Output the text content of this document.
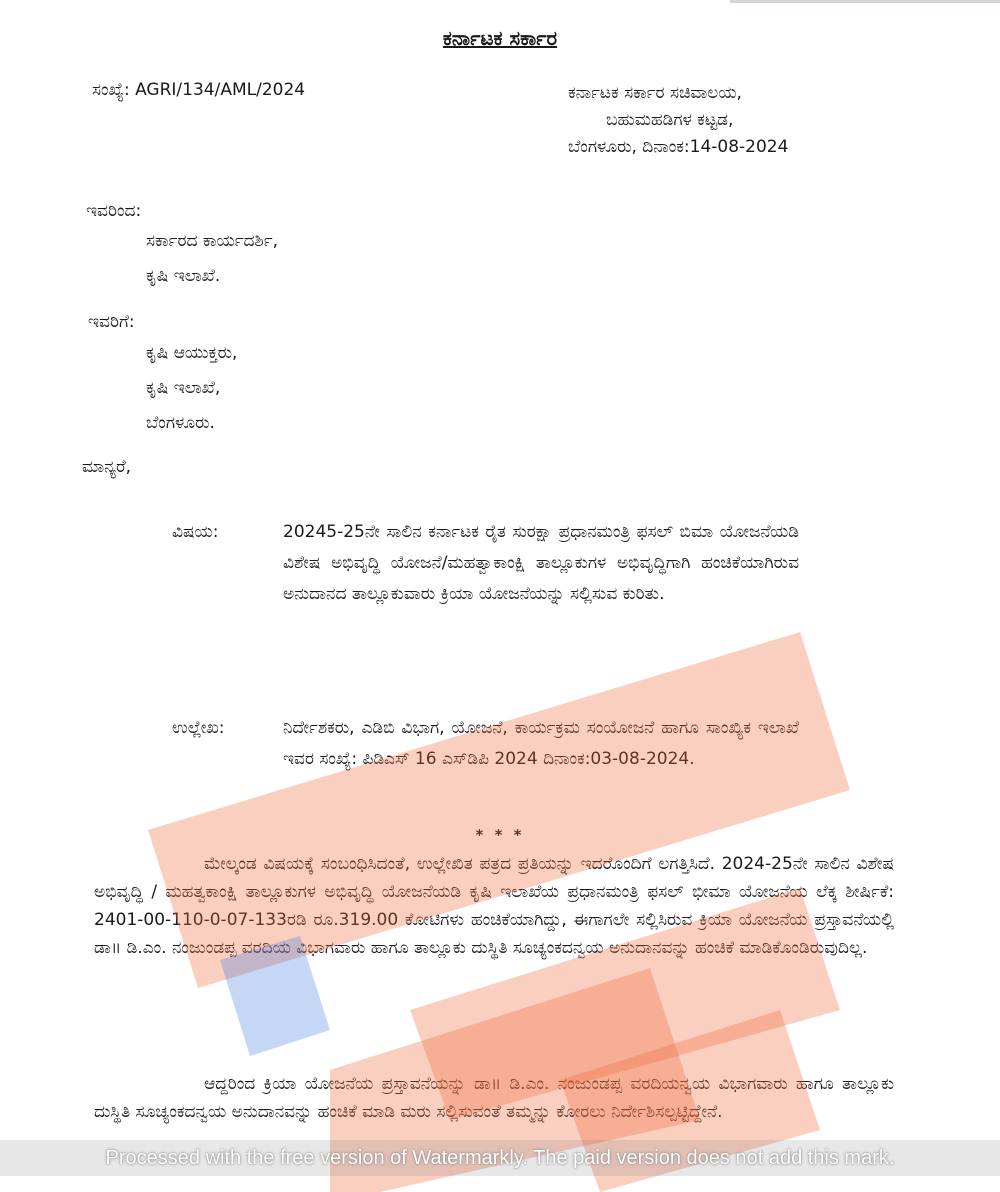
ಕರ್ನಾಟಕ ಸರ್ಕಾರ
ಸಂಖ್ಯೆ: AGRI/134/AML/2024	ಕರ್ನಾಟಕ ಸರ್ಕಾರ ಸಚಿವಾಲಯ,
ಬಹುಮಹಡಿಗಳ ಕಟ್ಟಡ,
ಬೆಂಗಳೂರು, ದಿನಾಂಕ:14-08-2024
ಇವರಿಂದ:
ಸರ್ಕಾರದ ಕಾರ್ಯದರ್ಶಿ,
ಕೃಷಿ ಇಲಾಖೆ.
ಇವರಿಗೆ:
ಕೃಷಿ ಆಯುಕ್ತರು,
ಕೃಷಿ ಇಲಾಖೆ,
ಬೆಂಗಳೂರು.
ಮಾನ್ಯರೆ,
ವಿಷಯ:	20245-25ನೇ ಸಾಲಿನ ಕರ್ನಾಟಕ ರೈತ ಸುರಕ್ಷಾ ಪ್ರಧಾನಮಂತ್ರಿ ಫಸಲ್ ಬಿಮಾ ಯೋಜನೆಯಡಿ ವಿಶೇಷ ಅಭಿವೃದ್ಧಿ ಯೋಜನೆ/ಮಹತ್ವಾಕಾಂಕ್ಷಿ ತಾಲ್ಲೂಕುಗಳ ಅಭಿವೃದ್ಧಿಗಾಗಿ ಹಂಚಿಕೆಯಾಗಿರುವ ಅನುದಾನದ ತಾಲ್ಲೂಕುವಾರು ಕ್ರಿಯಾ ಯೋಜನೆಯನ್ನು ಸಲ್ಲಿಸುವ ಕುರಿತು.
ಉಲ್ಲೇಖ:	ನಿರ್ದೇಶಕರು, ಎಡಿಬಿ ವಿಭಾಗ, ಯೋಜನೆ, ಕಾರ್ಯಕ್ರಮ ಸಂಯೋಜನೆ ಹಾಗೂ ಸಾಂಖ್ಯಿಕ ಇಲಾಖೆ ಇವರ ಸಂಖ್ಯೆ: ಪಿಡಿಎಸ್ 16 ಎಸ್‌ಡಿಪಿ 2024 ದಿನಾಂಕ:03-08-2024.
* * *
ಮೇಲ್ಕಂಡ ವಿಷಯಕ್ಕೆ ಸಂಬಂಧಿಸಿದಂತೆ, ಉಲ್ಲೇಖಿತ ಪತ್ರದ ಪ್ರತಿಯನ್ನು ಇದರೊಂದಿಗೆ ಲಗತ್ತಿಸಿದೆ. 2024-25ನೇ ಸಾಲಿನ ವಿಶೇಷ ಅಭಿವೃದ್ಧಿ / ಮಹತ್ವಕಾಂಕ್ಷಿ ತಾಲ್ಲೂಕುಗಳ ಅಭಿವೃದ್ಧಿ ಯೋಜನೆಯಡಿ ಕೃಷಿ ಇಲಾಖೆಯ ಪ್ರಧಾನಮಂತ್ರಿ ಫಸಲ್ ಭೀಮಾ ಯೋಜನೆಯ ಲೆಕ್ಕ ಶೀರ್ಷಿಕೆ: 2401-00-110-0-07-133ರಡಿ ರೂ.319.00 ಕೋಟಿಗಳು ಹಂಚಿಕೆಯಾಗಿದ್ದು, ಈಗಾಗಲೇ ಸಲ್ಲಿಸಿರುವ ಕ್ರಿಯಾ ಯೋಜನೆಯ ಪ್ರಸ್ತಾವನೆಯಲ್ಲಿ ಡಾ॥ ಡಿ.ಎಂ. ನಂಜುಂಡಪ್ಪ ವರದಿಯ ವಿಭಾಗವಾರು ಹಾಗೂ ತಾಲ್ಲೂಕು ದುಸ್ಥಿತಿ ಸೂಚ್ಯಂಕದನ್ವಯ ಅನುದಾನವನ್ನು ಹಂಚಿಕೆ ಮಾಡಿಕೊಂಡಿರುವುದಿಲ್ಲ.
ಆದ್ದರಿಂದ ಕ್ರಿಯಾ ಯೋಜನೆಯ ಪ್ರಸ್ತಾವನೆಯನ್ನು ಡಾ॥ ಡಿ.ಎಂ. ನಂಜುಂಡಪ್ಪ ವರದಿಯನ್ವಯ ವಿಭಾಗವಾರು ಹಾಗೂ ತಾಲ್ಲೂಕು ದುಸ್ಥಿತಿ ಸೂಚ್ಯಂಕದನ್ವಯ ಅನುದಾನವನ್ನು ಹಂಚಿಕೆ ಮಾಡಿ ಮರು ಸಲ್ಲಿಸುವಂತೆ ತಮ್ಮನ್ನು ಕೋರಲು ನಿರ್ದೇಶಿಸಲ್ಪಟ್ಟಿದ್ದೇನೆ.
Processed with the free version of Watermarkly. The paid version does not add this mark.
